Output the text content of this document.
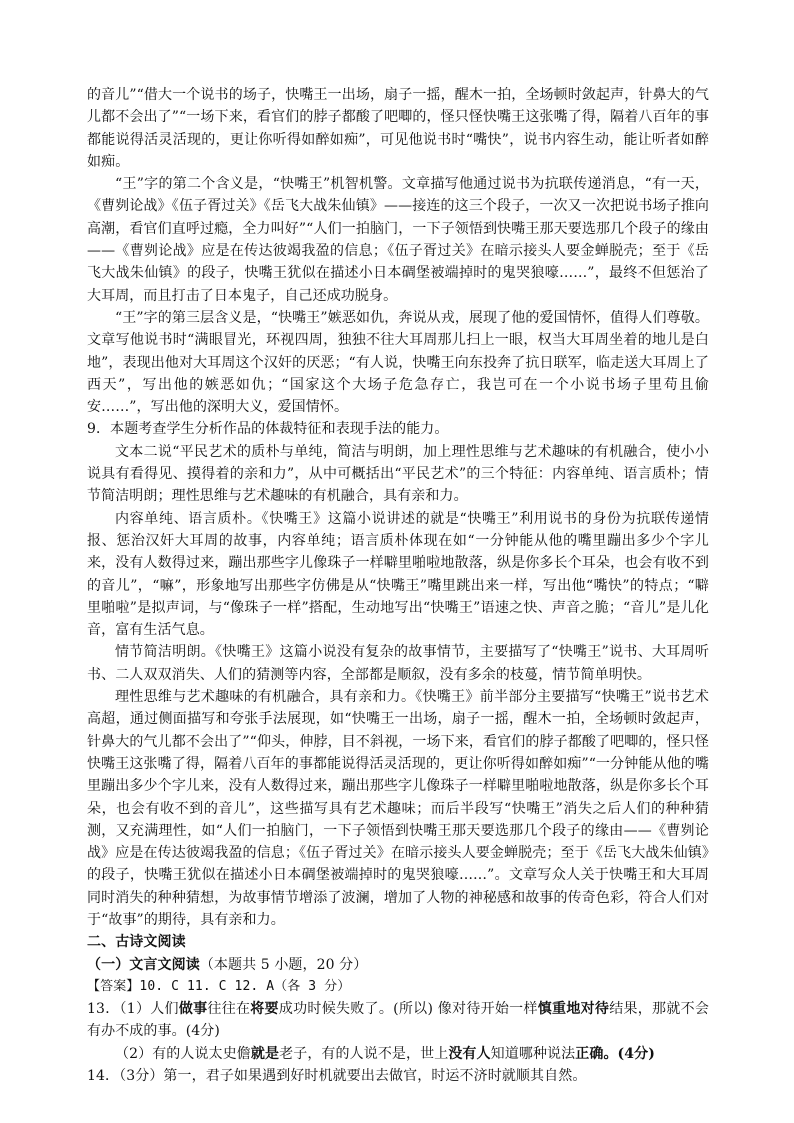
的音儿”“借大一个说书的场子，快嘴王一出场，扇子一摇，醒木一拍，全场顿时敛起声，针鼻大的气儿都不会出了”“一场下来，看官们的脖子都酸了吧唧的，怪只怪快嘴王这张嘴了得，隔着八百年的事都能说得活灵活现的，更让你听得如醉如痴”，可见他说书时“嘴快”，说书内容生动，能让听者如醉如痴。

“王”字的第二个含义是，“快嘴王”机智机警。文章描写他通过说书为抗联传递消息，“有一天，《曹刿论战》《伍子胥过关》《岳飞大战朱仙镇》——接连的这三个段子，一次又一次把说书场子推向高潮，看官们直呼过瘾，全力叫好”“人们一拍脑门，一下子领悟到快嘴王那天要选那几个段子的缘由——《曹刿论战》应是在传达彼竭我盈的信息；《伍子胥过关》在暗示接头人要金蝉脱壳；至于《岳飞大战朱仙镇》的段子，快嘴王犹似在描述小日本碉堡被端掉时的鬼哭狼嚎……”，最终不但惩治了大耳周，而且打击了日本鬼子，自己还成功脱身。

“王”字的第三层含义是，“快嘴王”嫉恶如仇，奔说从戎，展现了他的爱国情怀，值得人们尊敬。文章写他说书时“满眼冒光，环视四周，独独不往大耳周那儿扫上一眼，权当大耳周坐着的地儿是白地”，表现出他对大耳周这个汉奸的厌恶；“有人说，快嘴王向东投奔了抗日联军，临走送大耳周上了西天”，写出他的嫉恶如仇；“国家这个大场子危急存亡，我岂可在一个小说书场子里苟且偷安……”，写出他的深明大义，爱国情怀。

9．本题考查学生分析作品的体裁特征和表现手法的能力。

文本二说“平民艺术的质朴与单纯，简洁与明朗，加上理性思维与艺术趣味的有机融合，使小小说具有看得见、摸得着的亲和力”，从中可概括出“平民艺术”的三个特征：内容单纯、语言质朴；情节简洁明朗；理性思维与艺术趣味的有机融合，具有亲和力。

内容单纯、语言质朴。《快嘴王》这篇小说讲述的就是“快嘴王”利用说书的身份为抗联传递情报、惩治汉奸大耳周的故事，内容单纯；语言质朴体现在如“一分钟能从他的嘴里蹦出多少个字儿来，没有人数得过来，蹦出那些字儿像珠子一样噼里啪啦地散落，纵是你多长个耳朵，也会有收不到的音儿”，“嘛”，形象地写出那些字仿佛是从“快嘴王”嘴里跳出来一样，写出他“嘴快”的特点；“噼里啪啦”是拟声词，与“像珠子一样”搭配，生动地写出“快嘴王”语速之快、声音之脆；“音儿”是儿化音，富有生活气息。

情节简洁明朗。《快嘴王》这篇小说没有复杂的故事情节，主要描写了“快嘴王”说书、大耳周听书、二人双双消失、人们的猜测等内容，全部都是顺叙，没有多余的枝蔓，情节简单明快。

理性思维与艺术趣味的有机融合，具有亲和力。《快嘴王》前半部分主要描写“快嘴王”说书艺术高超，通过侧面描写和夸张手法展现，如“快嘴王一出场，扇子一摇，醒木一拍，全场顿时敛起声，针鼻大的气儿都不会出了”“仰头，伸脖，目不斜视，一场下来，看官们的脖子都酸了吧唧的，怪只怪快嘴王这张嘴了得，隔着八百年的事都能说得活灵活现的，更让你听得如醉如痴”“一分钟能从他的嘴里蹦出多少个字儿来，没有人数得过来，蹦出那些字儿像珠子一样噼里啪啦地散落，纵是你多长个耳朵，也会有收不到的音儿”，这些描写具有艺术趣味；而后半段写“快嘴王”消失之后人们的种种猜测，又充满理性，如“人们一拍脑门，一下子领悟到快嘴王那天要选那几个段子的缘由——《曹刿论战》应是在传达彼竭我盈的信息；《伍子胥过关》在暗示接头人要金蝉脱壳；至于《岳飞大战朱仙镇》的段子，快嘴王犹似在描述小日本碉堡被端掉时的鬼哭狼嚎……”。文章写众人关于快嘴王和大耳周同时消失的种种猜想，为故事情节增添了波澜，增加了人物的神秘感和故事的传奇色彩，符合人们对于“故事”的期待，具有亲和力。

二、古诗文阅读

（一）文言文阅读（本题共 5 小题，20 分）

【答案】10. C 11. C 12. A（各 3 分）

13．（1）人们做事往往在将要成功时候失败了。(所以) 像对待开始一样慎重地对待结果，那就不会有办不成的事。(4分)

（2）有的人说太史儋就是老子，有的人说不是，世上没有人知道哪种说法正确。(4分)

14．（3分）第一，君子如果遇到好时机就要出去做官，时运不济时就顺其自然。
